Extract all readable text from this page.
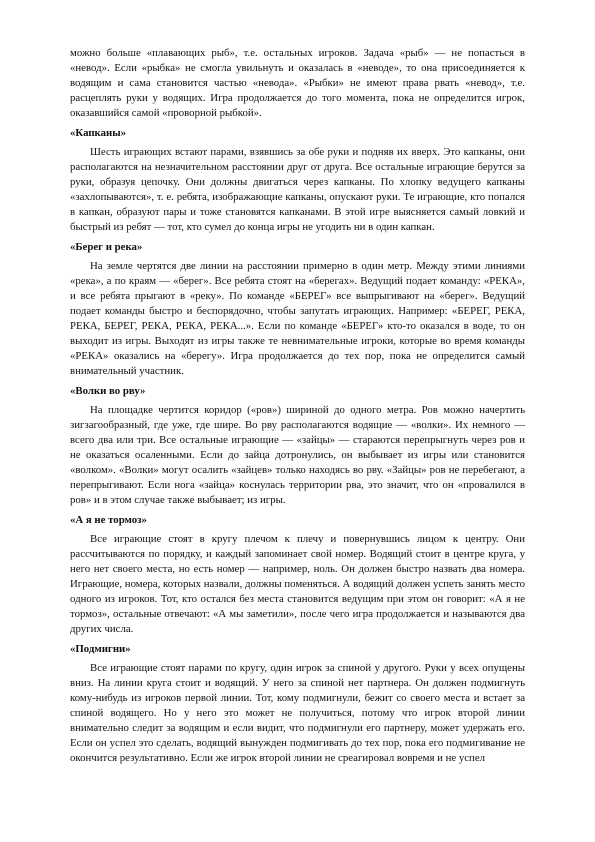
можно больше «плавающих рыб», т.е. остальных игроков. Задача «рыб» — не попасться в «невод». Если «рыбка» не смогла увильнуть и оказалась в «неводе», то она присоединяется к водящим и сама становится частью «невода». «Рыбки» не имеют права рвать «невод», т.е. расцеплять руки у водящих. Игра продолжается до того момента, пока не определится игрок, оказавшийся самой «проворной рыбкой».

«Капканы»

Шесть играющих встают парами, взявшись за обе руки и подняв их вверх. Это капканы, они располагаются на незначительном расстоянии друг от друга. Все остальные играющие берутся за руки, образуя цепочку. Они должны двигаться через капканы. По хлопку ведущего капканы «захлопываются», т. е. ребята, изображающие капканы, опускают руки. Те играющие, кто попался в капкан, образуют пары и тоже становятся капканами. В этой игре выясняется самый ловкий и быстрый из ребят — тот, кто сумел до конца игры не угодить ни в один капкан.

«Берег и река»

На земле чертятся две линии на расстоянии примерно в один метр. Между этими линиями «река», а по краям — «берег». Все ребята стоят на «берегах». Ведущий подает команду: «РЕКА», и все ребята прыгают в «реку». По команде «БЕРЕГ» все выпрыгивают на «берег». Ведущий подает команды быстро и беспорядочно, чтобы запутать играющих. Например: «БЕРЕГ, РЕКА, РЕКА, БЕРЕГ, РЕКА, РЕКА, РЕКА...». Если по команде «БЕРЕГ» кто-то оказался в воде, то он выходит из игры. Выходят из игры также те невнимательные игроки, которые во время команды «РЕКА» оказались на «берегу». Игра продолжается до тех пор, пока не определится самый внимательный участник.

«Волки во рву»

На площадке чертится коридор («ров») шириной до одного метра. Ров можно начертить зигзагообразный, где уже, где шире. Во рву располагаются водящие — «волки». Их немного — всего два или три. Все остальные играющие — «зайцы» — стараются перепрыгнуть через ров и не оказаться осаленными. Если до зайца дотронулись, он выбывает из игры или становится «волком». «Волки» могут осалить «зайцев» только находясь во рву. «Зайцы» ров не перебегают, а перепрыгивают. Если нога «зайца» коснулась территории рва, это значит, что он «провалился в ров» и в этом случае также выбывает; из игры.

«А я не тормоз»

Все играющие стоят в кругу плечом к плечу и повернувшись лицом к центру. Они рассчитываются по порядку, и каждый запоминает свой номер. Водящий стоит в центре круга, у него нет своего места, но есть номер — например, ноль. Он должен быстро назвать два номера. Играющие, номера, которых назвали, должны поменяться. А водящий должен успеть занять место одного из игроков. Тот, кто остался без места становится ведущим при этом он говорит: «А я не тормоз», остальные отвечают: «А мы заметили», после чего игра продолжается и называются два других числа.

«Подмигни»

Все играющие стоят парами по кругу, один игрок за спиной у другого. Руки у всех опущены вниз. На линии круга стоит и водящий. У него за спиной нет партнера. Он должен подмигнуть кому-нибудь из игроков первой линии. Тот, кому подмигнули, бежит со своего места и встает за спиной водящего. Но у него это может не получиться, потому что игрок второй линии внимательно следит за водящим и если видит, что подмигнули его партнеру, может удержать его. Если он успел это сделать, водящий вынужден подмигивать до тех пор, пока его подмигивание не окончится результативно. Если же игрок второй линии не среагировал вовремя и не успел
